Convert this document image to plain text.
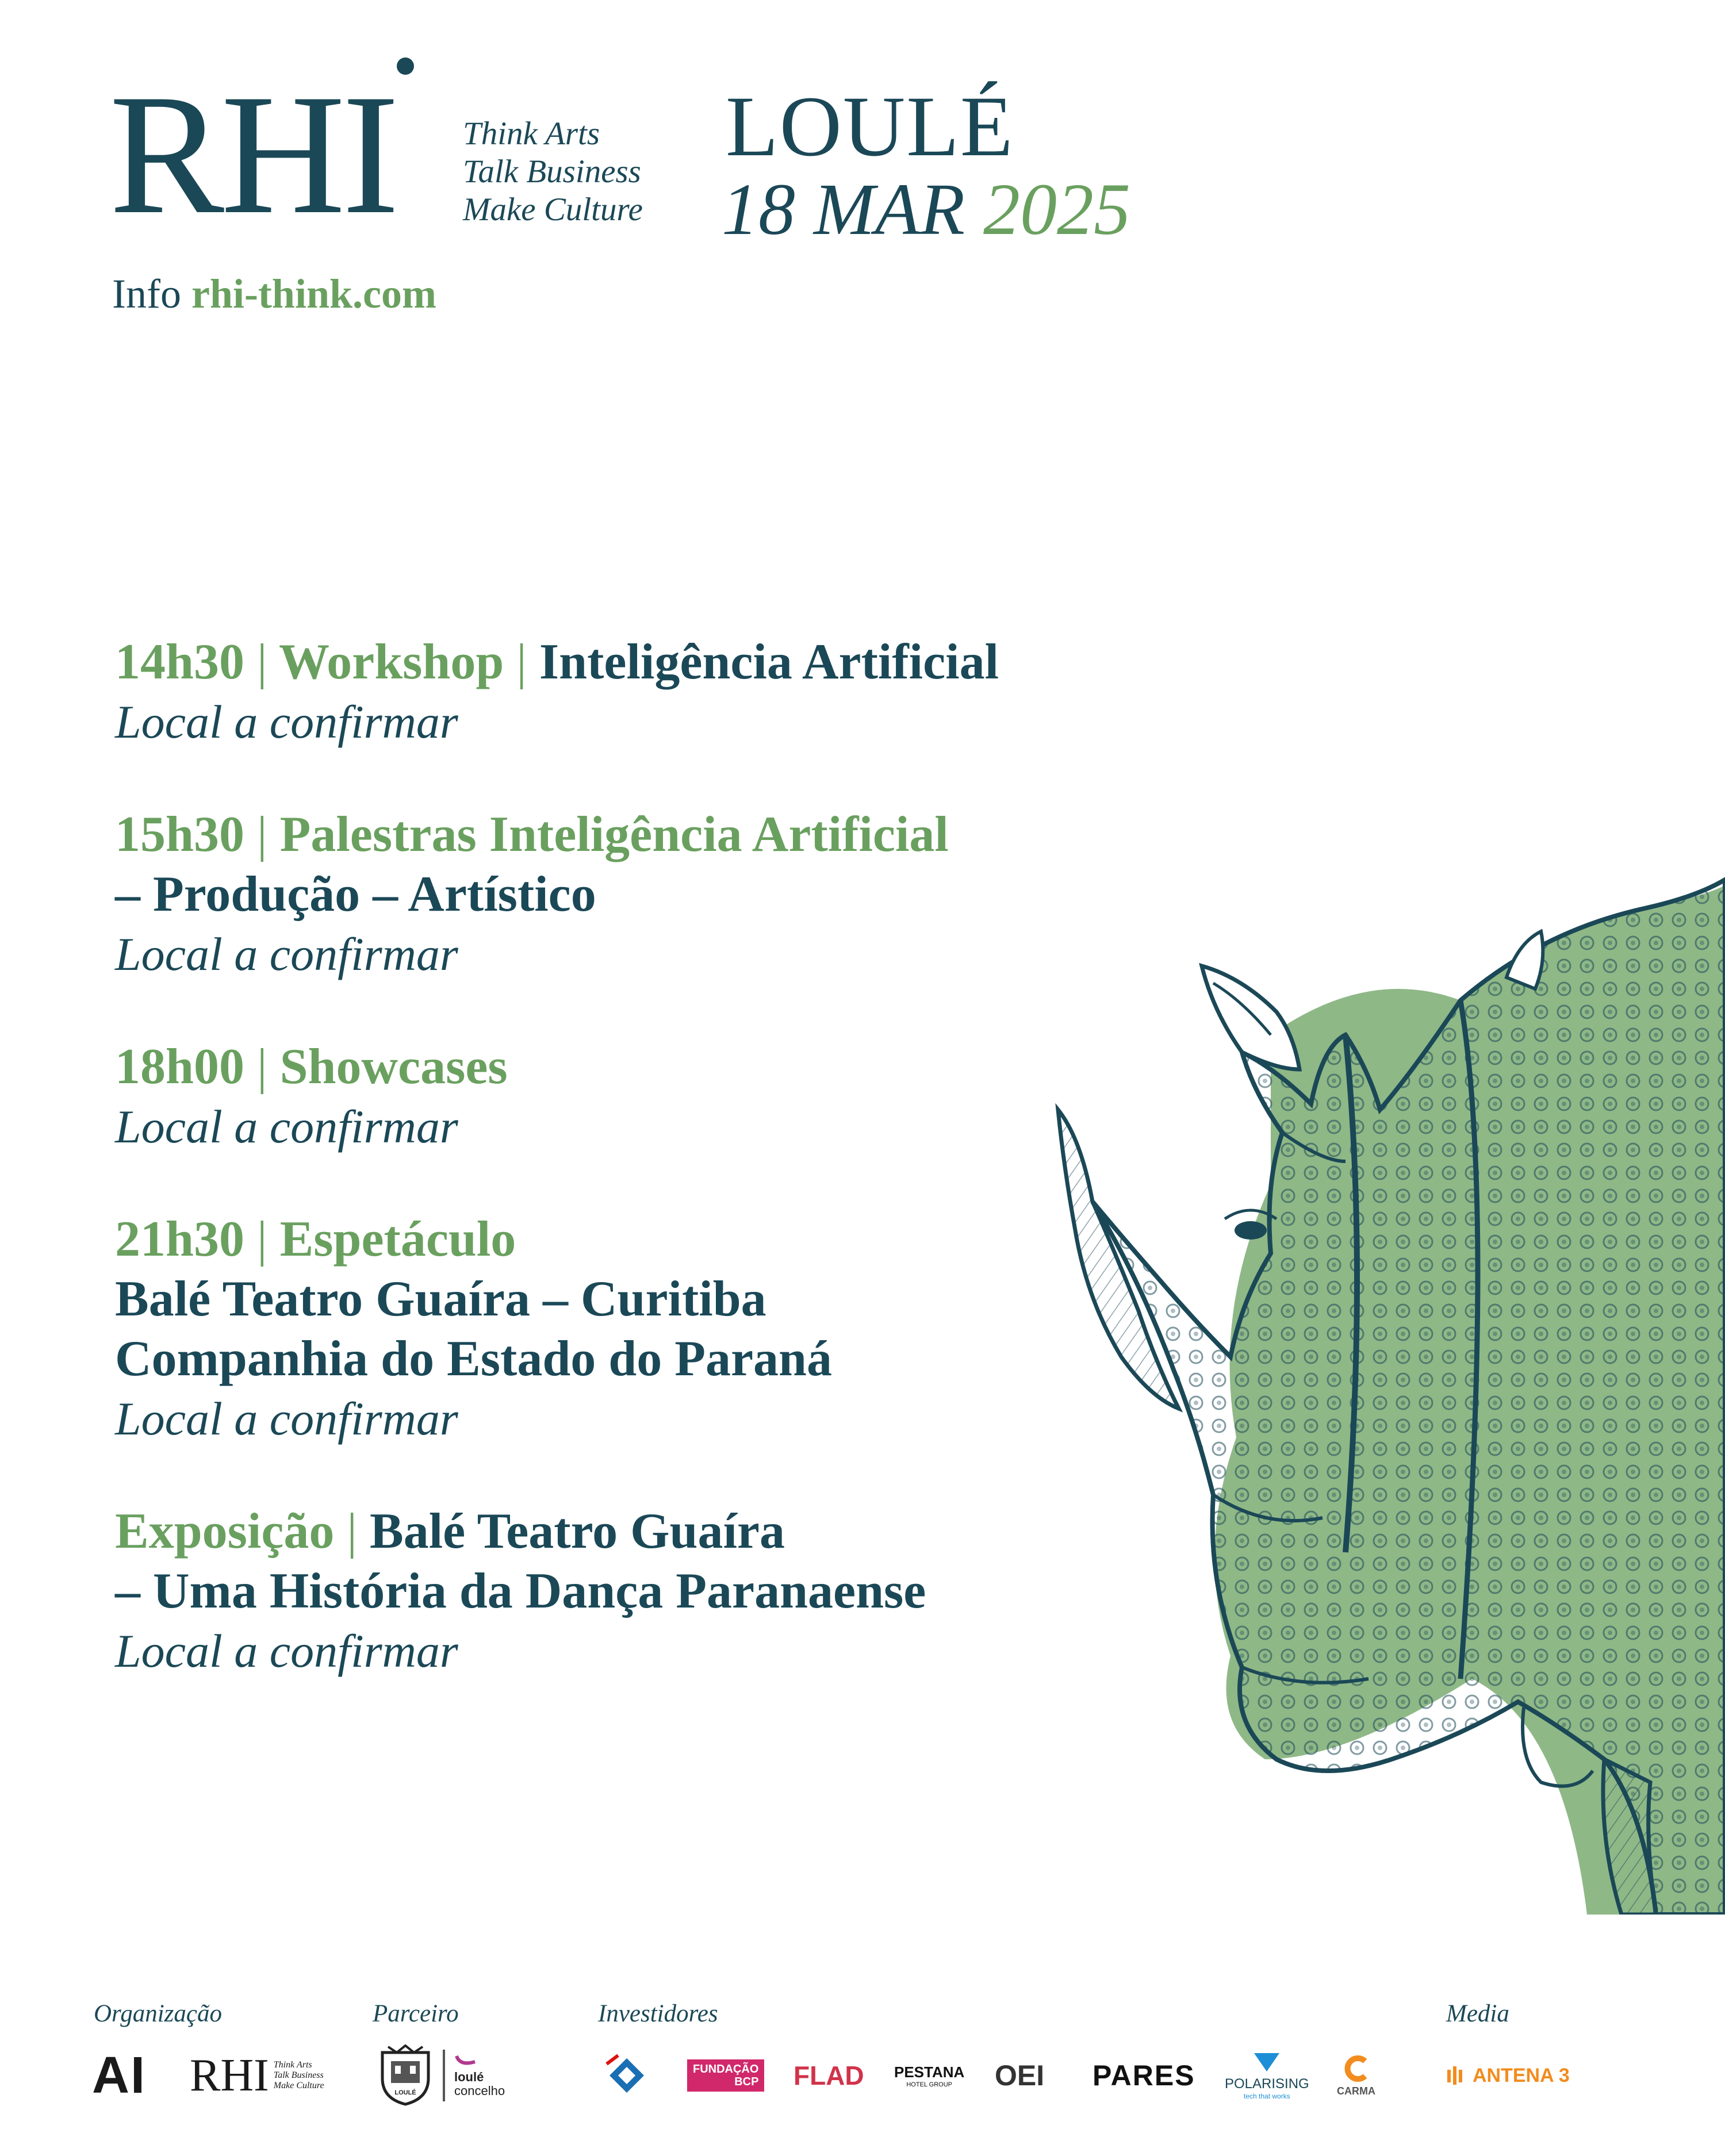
RHI Think Arts
Talk Business
Make Culture
Info rhi-think.com
LOULÉ
18 MAR 2025
14h30 | Workshop | Inteligência Artificial
Local a confirmar
15h30 | Palestras Inteligência Artificial
– Produção – Artístico
Local a confirmar
18h00 | Showcases
Local a confirmar
21h30 | Espetáculo
Balé Teatro Guaíra – Curitiba
Companhia do Estado do Paraná
Local a confirmar
Exposição | Balé Teatro Guaíra
– Uma História da Dança Paranaense
Local a confirmar
Organização	Parceiro	Investidores	Media
AI RHI Think Arts
Talk Business
Make Culture
LOULÉ
loulé
concelho
FUNDAÇÃO
BCP FLAD PESTANA
HOTEL GROUP	OEI PARES POLARISING
tech that works	CARMA
ANTENA 3
